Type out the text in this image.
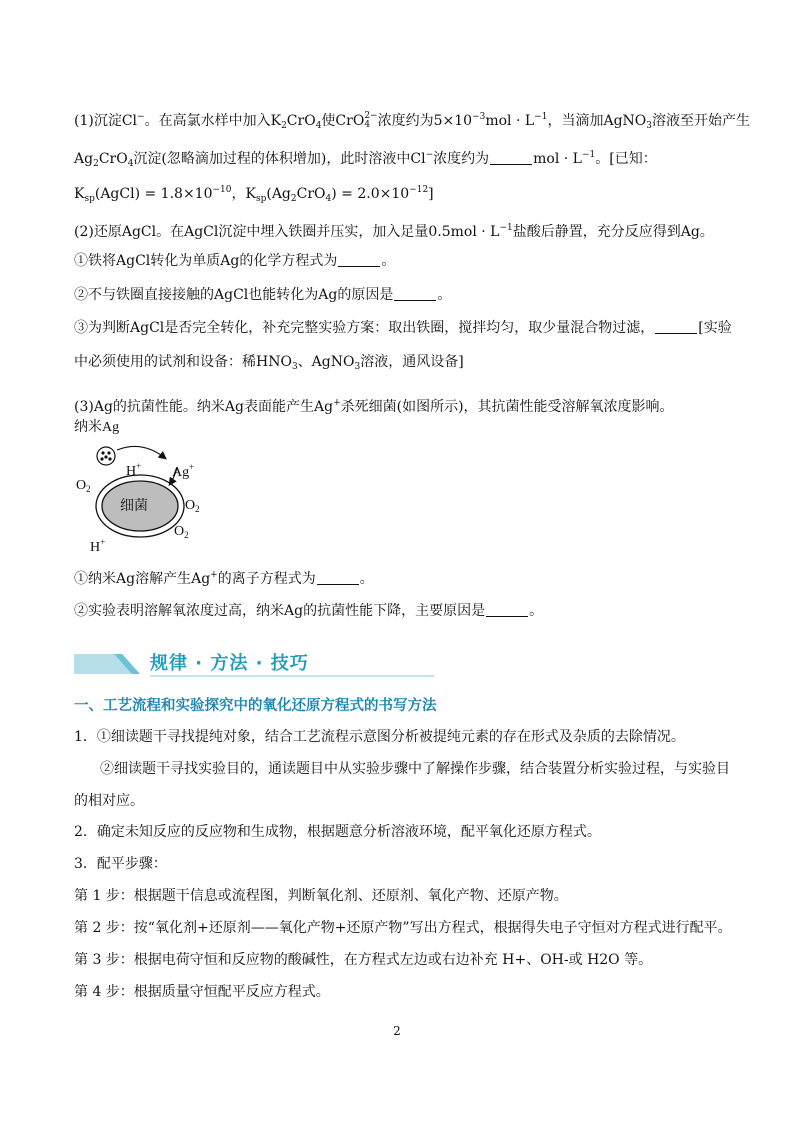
(1)沉淀Cl−。在高氯水样中加入$K_2CrO_4$使CrO 2−
4 浓度约为$5\times 10^{-3}mol \cdot L^{-1}$，当滴加AgNO$_3$溶液至开始产生
$Ag_2CrO_4$沉淀(忽略滴加过程的体积增加)，此时溶液中Cl−浓度约为	mol · $L^{-1}$。[已知：
$K_{sp}(AgCl) = 1.8\times 10^{-10}$，$K_{sp}(Ag_2CrO_4) = 2.0\times 10^{-12}$]
(2)还原AgCl。在AgCl沉淀中埋入铁圈并压实，加入足量$0.5mol \cdot L^{-1}$盐酸后静置，充分反应得到Ag。
①铁将AgCl转化为单质Ag的化学方程式为	。
②不与铁圈直接接触的AgCl也能转化为Ag的原因是	。
③为判断AgCl是否完全转化，补充完整实验方案：取出铁圈，搅拌均匀，取少量混合物过滤，	[实验
中必须使用的试剂和设备：稀$HNO_3$、AgNO$_3$溶液，通风设备]
(3)Ag的抗菌性能。纳米Ag表面能产生Ag+杀死细菌(如图所示)，其抗菌性能受溶解氧浓度影响。
纳米Ag
H+ Ag+
$O_2$
细菌	$O_2$
$O_2$
H+
①纳米Ag溶解产生Ag+的离子方程式为	。
②实验表明溶解氧浓度过高，纳米Ag的抗菌性能下降，主要原因是	。
规律 · 方法 · 技巧
一、工艺流程和实验探究中的氧化还原方程式的书写方法
1．①细读题干寻找提纯对象，结合工艺流程示意图分析被提纯元素的存在形式及杂质的去除情况。
②细读题干寻找实验目的，通读题目中从实验步骤中了解操作步骤，结合装置分析实验过程，与实验目
的相对应。
2．确定未知反应的反应物和生成物，根据题意分析溶液环境，配平氧化还原方程式。
3．配平步骤：
第 1 步：根据题干信息或流程图，判断氧化剂、还原剂、氧化产物、还原产物。
第 2 步：按“氧化剂+还原剂——氧化产物+还原产物”写出方程式，根据得失电子守恒对方程式进行配平。
第 3 步：根据电荷守恒和反应物的酸碱性，在方程式左边或右边补充 H+、OH-或 H2O 等。
第 4 步：根据质量守恒配平反应方程式。
2
